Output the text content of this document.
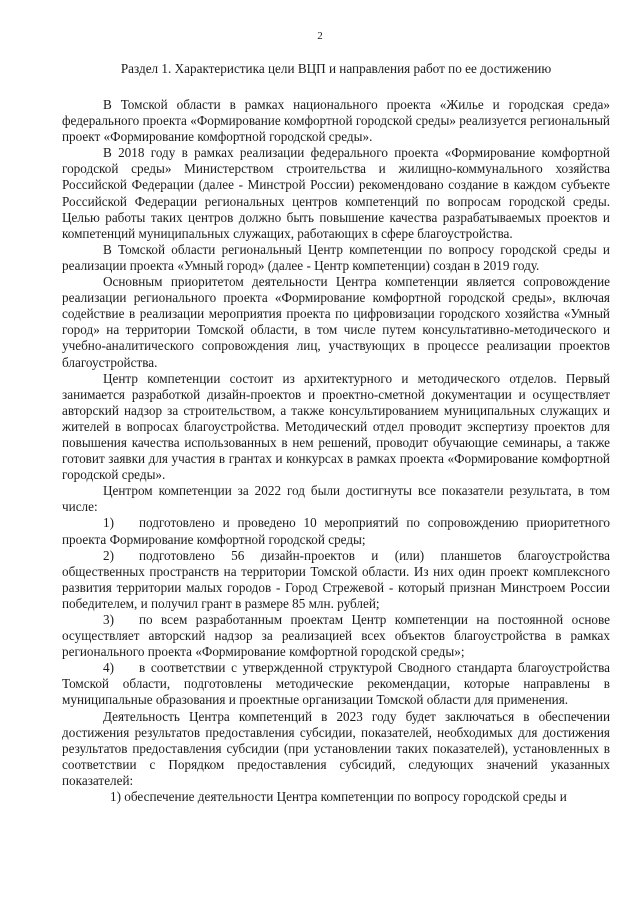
2
Раздел 1. Характеристика цели ВЦП и направления работ по ее достижению

В Томской области в рамках национального проекта «Жилье и городская среда» федерального проекта «Формирование комфортной городской среды» реализуется региональный проект «Формирование комфортной городской среды».

В 2018 году в рамках реализации федерального проекта «Формирование комфортной городской среды» Министерством строительства и жилищно-коммунального хозяйства Российской Федерации (далее - Минстрой России) рекомендовано создание в каждом субъекте Российской Федерации региональных центров компетенций по вопросам городской среды. Целью работы таких центров должно быть повышение качества разрабатываемых проектов и компетенций муниципальных служащих, работающих в сфере благоустройства.

В Томской области региональный Центр компетенции по вопросу городской среды и реализации проекта «Умный город» (далее - Центр компетенции) создан в 2019 году.

Основным приоритетом деятельности Центра компетенции является сопровождение реализации регионального проекта «Формирование комфортной городской среды», включая содействие в реализации мероприятия проекта по цифровизации городского хозяйства «Умный город» на территории Томской области, в том числе путем консультативно-методического и учебно-аналитического сопровождения лиц, участвующих в процессе реализации проектов благоустройства.

Центр компетенции состоит из архитектурного и методического отделов. Первый занимается разработкой дизайн-проектов и проектно-сметной документации и осуществляет авторский надзор за строительством, а также консультированием муниципальных служащих и жителей в вопросах благоустройства. Методический отдел проводит экспертизу проектов для повышения качества использованных в нем решений, проводит обучающие семинары, а также готовит заявки для участия в грантах и конкурсах в рамках проекта «Формирование комфортной городской среды».

Центром компетенции за 2022 год были достигнуты все показатели результата, в том числе:

1) подготовлено и проведено 10 мероприятий по сопровождению приоритетного проекта Формирование комфортной городской среды;

2) подготовлено 56 дизайн-проектов и (или) планшетов благоустройства общественных пространств на территории Томской области. Из них один проект комплексного развития территории малых городов - Город Стрежевой - который признан Минстроем России победителем, и получил грант в размере 85 млн. рублей;

3) по всем разработанным проектам Центр компетенции на постоянной основе осуществляет авторский надзор за реализацией всех объектов благоустройства в рамках регионального проекта «Формирование комфортной городской среды»;

4) в соответствии с утвержденной структурой Сводного стандарта благоустройства Томской области, подготовлены методические рекомендации, которые направлены в муниципальные образования и проектные организации Томской области для применения.

Деятельность Центра компетенций в 2023 году будет заключаться в обеспечении достижения результатов предоставления субсидии, показателей, необходимых для достижения результатов предоставления субсидии (при установлении таких показателей), установленных в соответствии с Порядком предоставления субсидий, следующих значений указанных показателей:

1) обеспечение деятельности Центра компетенции по вопросу городской среды и
